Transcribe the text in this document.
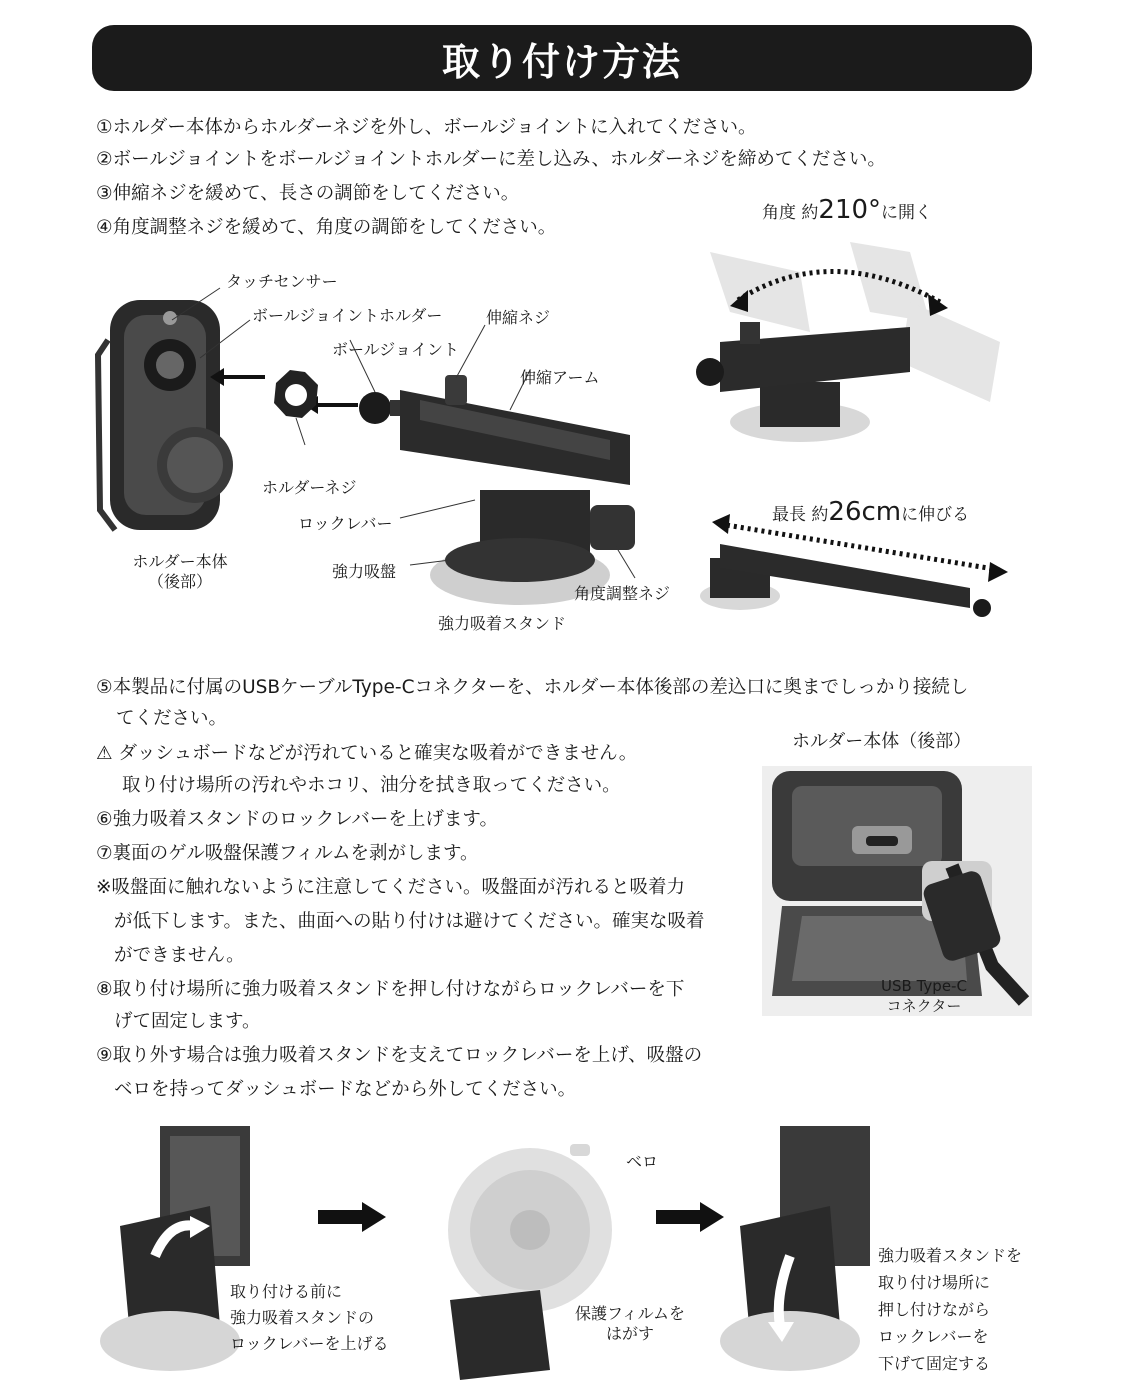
取り付け方法
①ホルダー本体からホルダーネジを外し、ボールジョイントに入れてください。
②ボールジョイントをボールジョイントホルダーに差し込み、ホルダーネジを締めてください。
③伸縮ネジを緩めて、長さの調節をしてください。
④角度調整ネジを緩めて、角度の調節をしてください。
角度 約210°に開く
タッチセンサー
ボールジョイントホルダー	伸縮ネジ
ボールジョイント
伸縮アーム
ホルダーネジ
ロックレバー
強力吸盤
角度調整ネジ
強力吸着スタンド
ホルダー本体
（後部）
最長 約26cmに伸びる
⑤本製品に付属のUSBケーブルType-Cコネクターを、ホルダー本体後部の差込口に奥までしっかり接続し
てください。
⚠ ダッシュボードなどが汚れていると確実な吸着ができません。
取り付け場所の汚れやホコリ、油分を拭き取ってください。
⑥強力吸着スタンドのロックレバーを上げます。
⑦裏面のゲル吸盤保護フィルムを剥がします。
※吸盤面に触れないように注意してください。吸盤面が汚れると吸着力
が低下します。また、曲面への貼り付けは避けてください。確実な吸着
ができません。
⑧取り付け場所に強力吸着スタンドを押し付けながらロックレバーを下
げて固定します。
⑨取り外す場合は強力吸着スタンドを支えてロックレバーを上げ、吸盤の
ベロを持ってダッシュボードなどから外してください。
ホルダー本体（後部）
USB Type-C
コネクター
取り付ける前に
強力吸着スタンドの
ロックレバーを上げる
ベロ
保護フィルムを
はがす
強力吸着スタンドを
取り付け場所に
押し付けながら
ロックレバーを
下げて固定する
